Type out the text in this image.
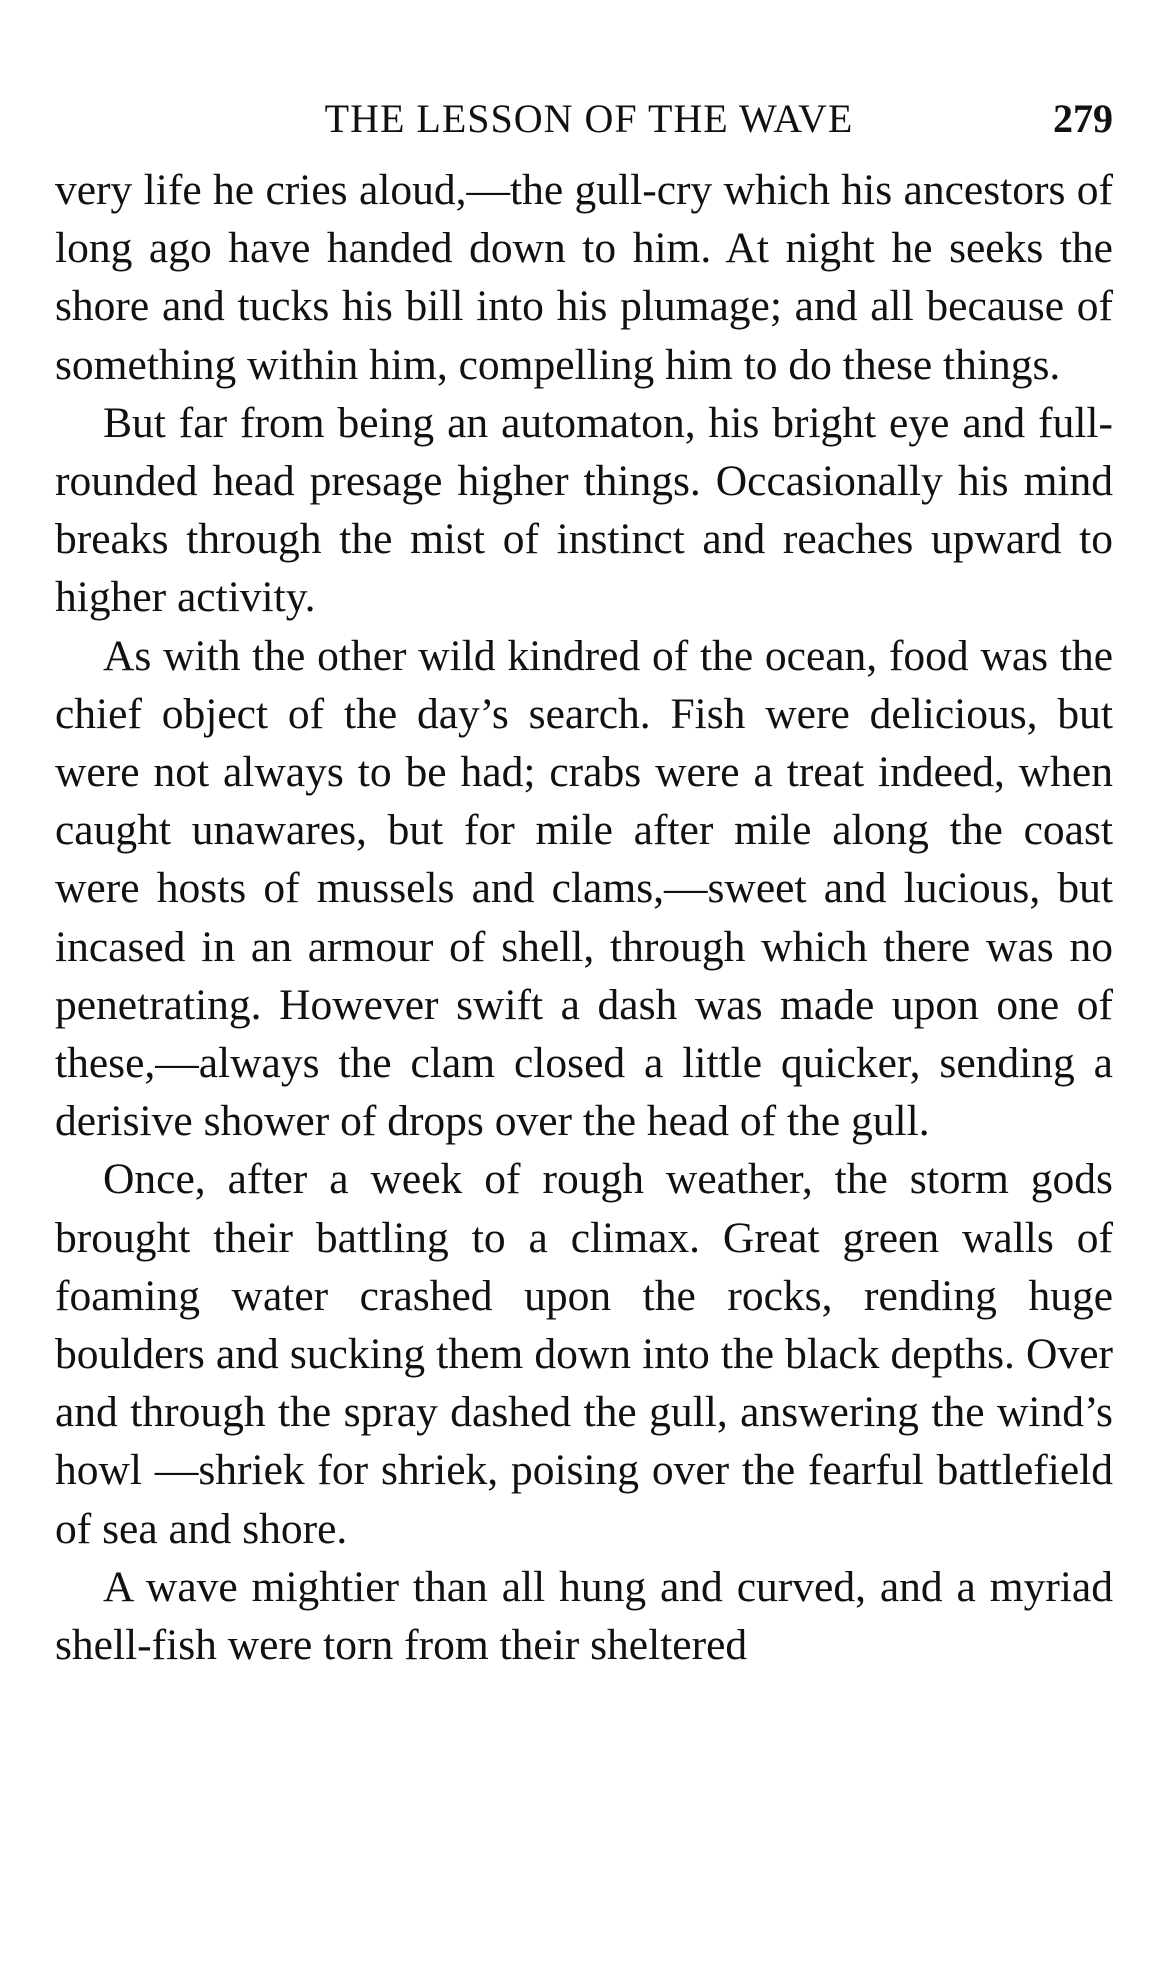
THE LESSON OF THE WAVE	279

very life he cries aloud,—the gull-cry which his ancestors of long ago have handed down to him. At night he seeks the shore and tucks his bill into his plumage; and all because of something within him, compelling him to do these things.

But far from being an automaton, his bright eye and full-rounded head presage higher things. Occasionally his mind breaks through the mist of instinct and reaches upward to higher activity.

As with the other wild kindred of the ocean, food was the chief object of the day’s search. Fish were delicious, but were not always to be had; crabs were a treat indeed, when caught unawares, but for mile after mile along the coast were hosts of mussels and clams,—sweet and lucious, but incased in an armour of shell, through which there was no penetrating. However swift a dash was made upon one of these,—always the clam closed a little quicker, sending a derisive shower of drops over the head of the gull.

Once, after a week of rough weather, the storm gods brought their battling to a climax. Great green walls of foaming water crashed upon the rocks, rending huge boulders and sucking them down into the black depths. Over and through the spray dashed the gull, answering the wind’s howl —shriek for shriek, poising over the fearful battlefield of sea and shore.

A wave mightier than all hung and curved, and a myriad shell-fish were torn from their sheltered
